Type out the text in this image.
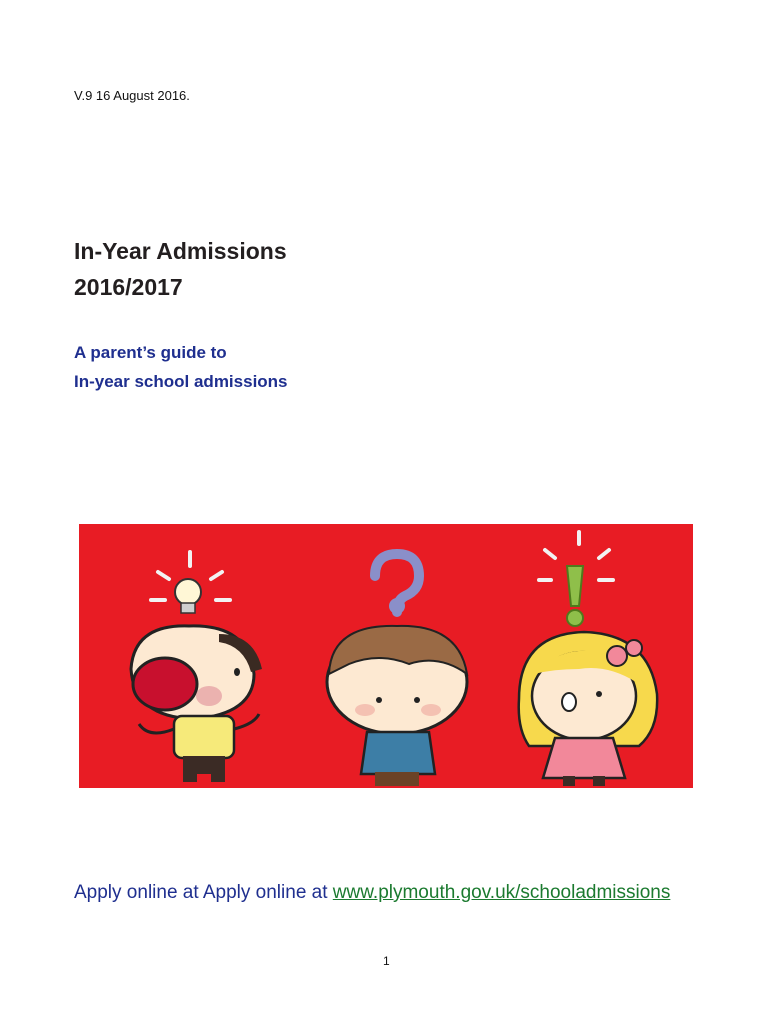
V.9 16 August 2016.
In-Year Admissions
2016/2017
A parent’s guide to
In-year school admissions
Apply online at Apply online at www.plymouth.gov.uk/schooladmissions
1
